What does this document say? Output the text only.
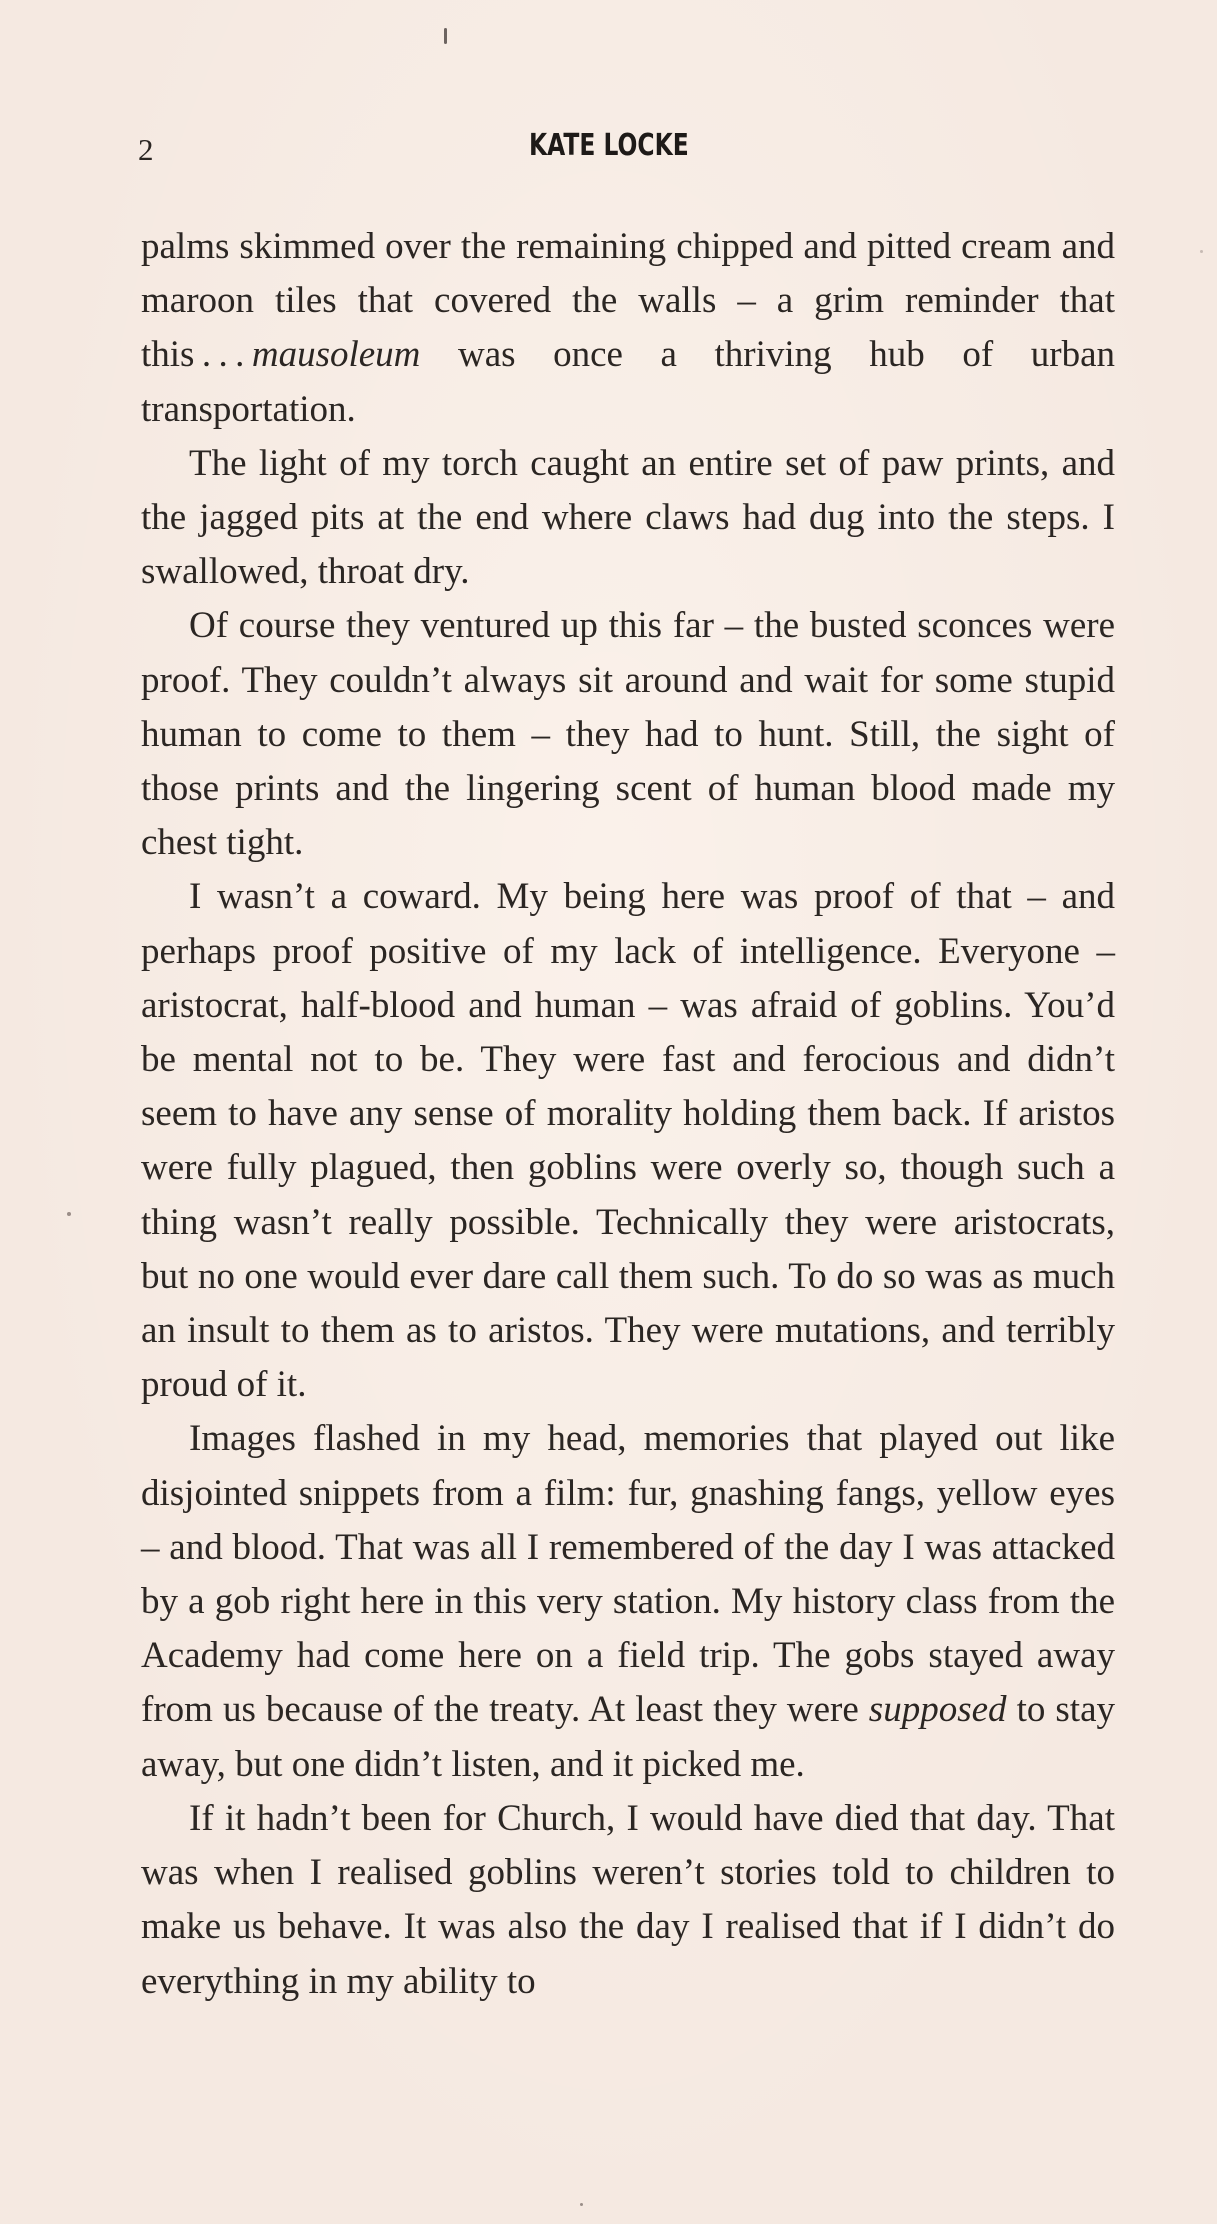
2	KATE LOCKE

palms skimmed over the remaining chipped and pitted cream and maroon tiles that covered the walls – a grim reminder that this . . . mausoleum was once a thriving hub of urban transportation.

The light of my torch caught an entire set of paw prints, and the jagged pits at the end where claws had dug into the steps. I swallowed, throat dry.

Of course they ventured up this far – the busted sconces were proof. They couldn’t always sit around and wait for some stupid human to come to them – they had to hunt. Still, the sight of those prints and the lingering scent of human blood made my chest tight.

I wasn’t a coward. My being here was proof of that – and perhaps proof positive of my lack of intelligence. Everyone – aristocrat, half-blood and human – was afraid of goblins. You’d be mental not to be. They were fast and ferocious and didn’t seem to have any sense of morality holding them back. If aristos were fully plagued, then goblins were overly so, though such a thing wasn’t really possible. Technically they were aristocrats, but no one would ever dare call them such. To do so was as much an insult to them as to aristos. They were mutations, and terribly proud of it.

Images flashed in my head, memories that played out like disjointed snippets from a film: fur, gnashing fangs, yellow eyes – and blood. That was all I remembered of the day I was attacked by a gob right here in this very station. My history class from the Academy had come here on a field trip. The gobs stayed away from us because of the treaty. At least they were supposed to stay away, but one didn’t listen, and it picked me.

If it hadn’t been for Church, I would have died that day. That was when I realised goblins weren’t stories told to children to make us behave. It was also the day I realised that if I didn’t do everything in my ability to
